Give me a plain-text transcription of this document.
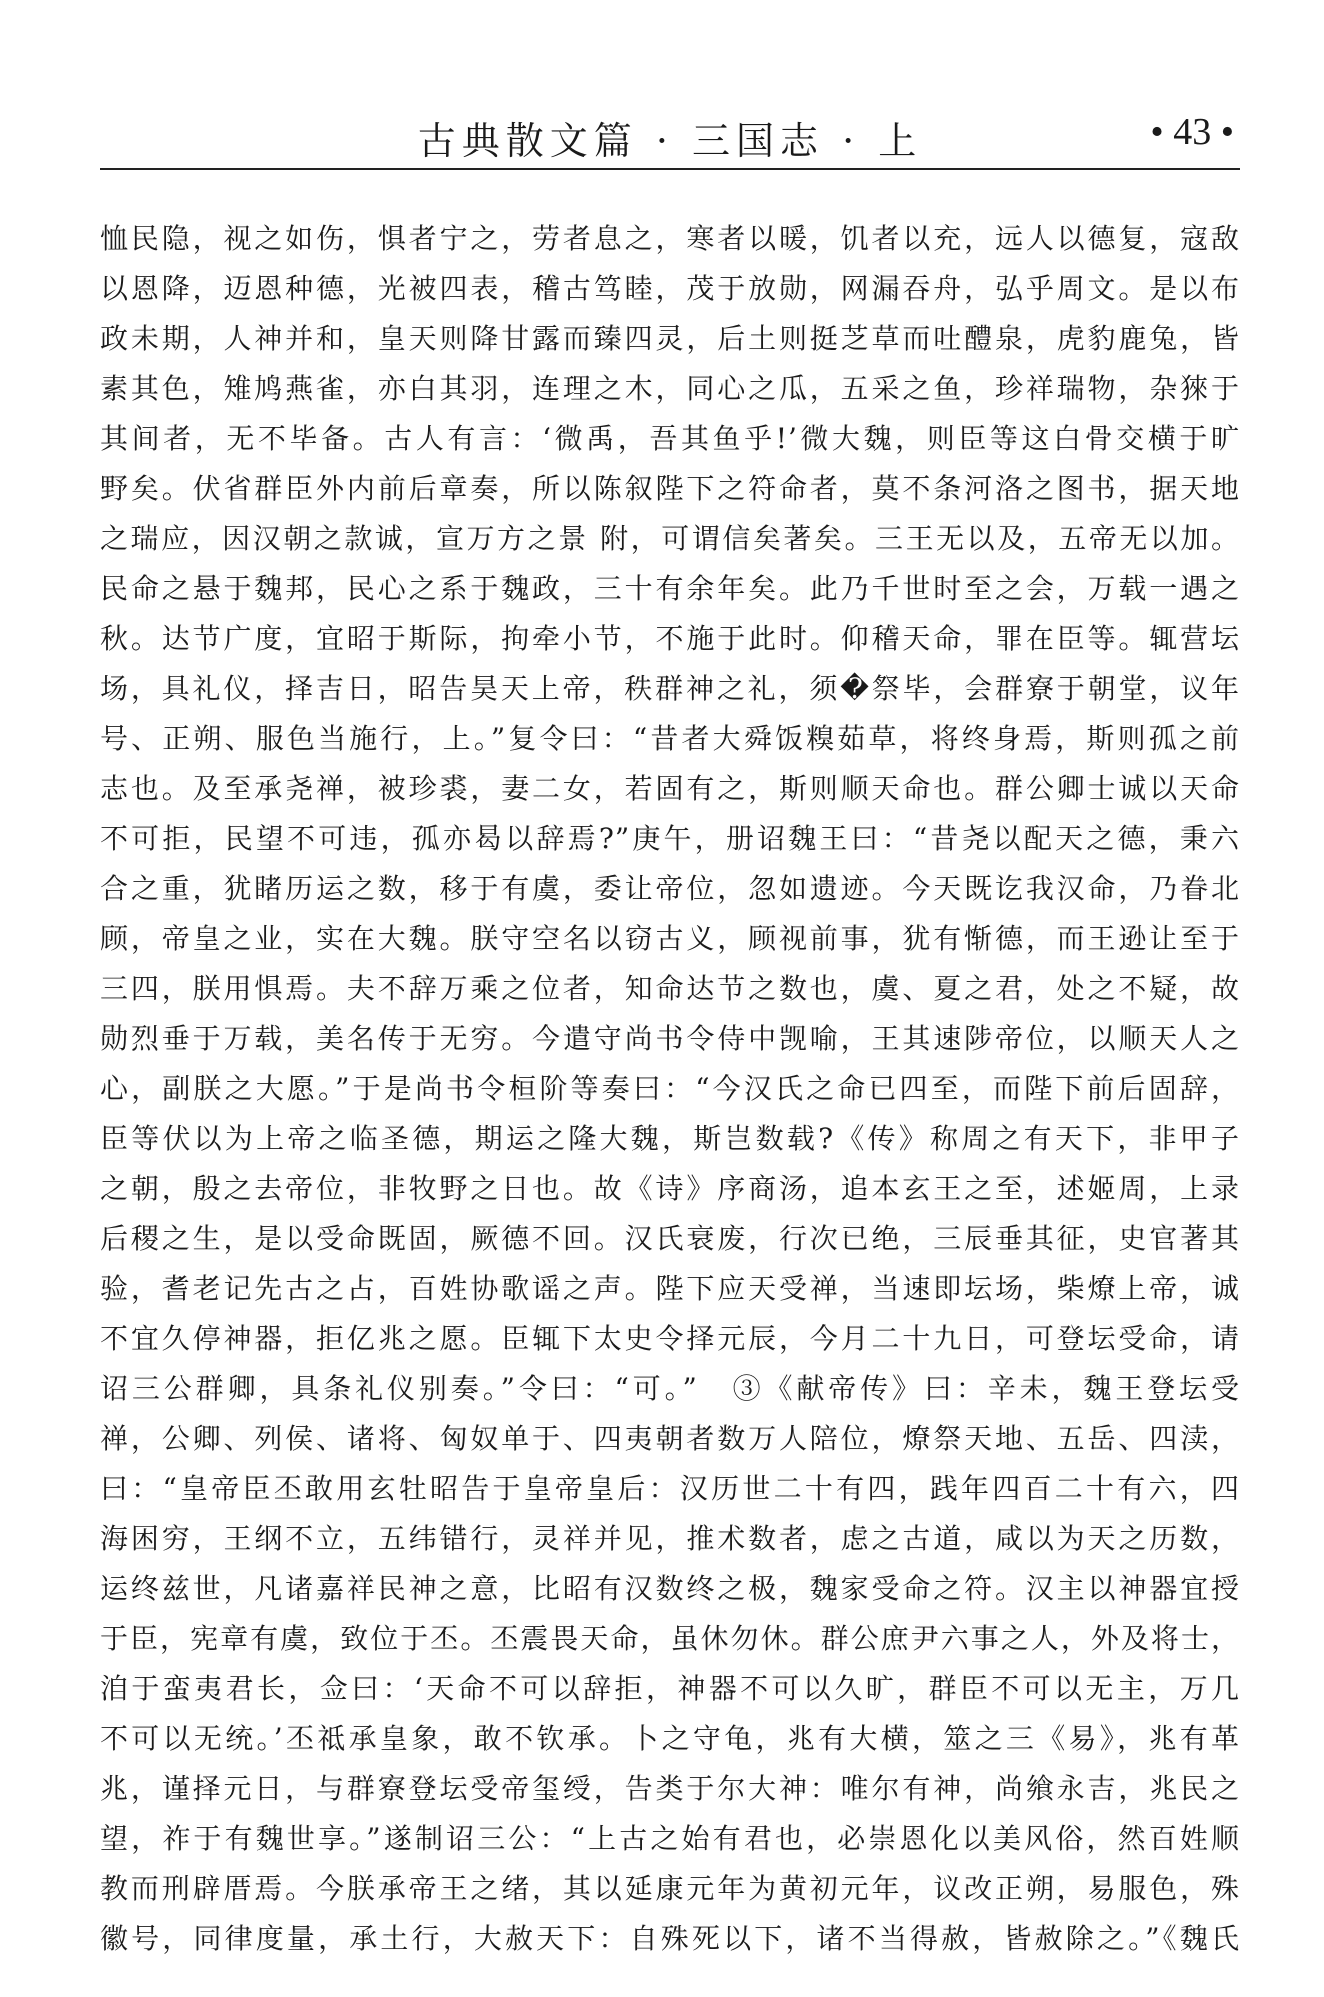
古典散文篇 · 三国志 · 上	• 43 •
恤民隐，视之如伤，惧者宁之，劳者息之，寒者以暖，饥者以充，远人以德复，寇敌
以恩降，迈恩种德，光被四表，稽古笃睦，茂于放勋，网漏吞舟，弘乎周文。是以布
政未期，人神并和，皇天则降甘露而臻四灵，后土则挺芝草而吐醴泉，虎豹鹿兔，皆
素其色，雉鸠燕雀，亦白其羽，连理之木，同心之瓜，五采之鱼，珍祥瑞物，杂猍于
其间者，无不毕备。古人有言：‘微禹，吾其鱼乎!’微大魏，则臣等这白骨交横于旷
野矣。伏省群臣外内前后章奏，所以陈叙陛下之符命者，莫不条河洛之图书，据天地
之瑞应，因汉朝之款诚，宣万方之景 附，可谓信矣著矣。三王无以及，五帝无以加。
民命之悬于魏邦，民心之系于魏政，三十有余年矣。此乃千世时至之会，万载一遇之
秋。达节广度，宜昭于斯际，拘牵小节，不施于此时。仰稽天命，罪在臣等。辄营坛
场，具礼仪，择吉日，昭告昊天上帝，秩群神之礼，须�祭毕，会群寮于朝堂，议年
号、正朔、服色当施行，上。”复令曰：“昔者大舜饭糗茹草，将终身焉，斯则孤之前
志也。及至承尧禅，被珍裘，妻二女，若固有之，斯则顺天命也。群公卿士诚以天命
不可拒，民望不可违，孤亦曷以辞焉?”庚午，册诏魏王曰：“昔尧以配天之德，秉六
合之重，犹睹历运之数，移于有虞，委让帝位，忽如遗迹。今天既讫我汉命，乃眷北
顾，帝皇之业，实在大魏。朕守空名以窃古义，顾视前事，犹有惭德，而王逊让至于
三四，朕用惧焉。夫不辞万乘之位者，知命达节之数也，虞、夏之君，处之不疑，故
勋烈垂于万载，美名传于无穷。今遣守尚书令侍中觊喻，王其速陟帝位，以顺天人之
心，副朕之大愿。”于是尚书令桓阶等奏曰：“今汉氏之命已四至，而陛下前后固辞，
臣等伏以为上帝之临圣德，期运之隆大魏，斯岂数载?《传》称周之有天下，非甲子
之朝，殷之去帝位，非牧野之日也。故《诗》序商汤，追本玄王之至，述姬周，上录
后稷之生，是以受命既固，厥德不回。汉氏衰废，行次已绝，三辰垂其征，史官著其
验，耆老记先古之占，百姓协歌谣之声。陛下应天受禅，当速即坛场，柴燎上帝，诚
不宜久停神器，拒亿兆之愿。臣辄下太史令择元辰，今月二十九日，可登坛受命，请
诏三公群卿，具条礼仪别奏。”令曰：“可。”　③《献帝传》曰：辛未，魏王登坛受
禅，公卿、列侯、诸将、匈奴单于、四夷朝者数万人陪位，燎祭天地、五岳、四渎，
曰：“皇帝臣丕敢用玄牡昭告于皇帝皇后：汉历世二十有四，践年四百二十有六，四
海困穷，王纲不立，五纬错行，灵祥并见，推术数者，虑之古道，咸以为天之历数，
运终兹世，凡诸嘉祥民神之意，比昭有汉数终之极，魏家受命之符。汉主以神器宜授
于臣，宪章有虞，致位于丕。丕震畏天命，虽休勿休。群公庶尹六事之人，外及将士，
洎于蛮夷君长，佥曰：‘天命不可以辞拒，神器不可以久旷，群臣不可以无主，万几
不可以无统。’丕祗承皇象，敢不钦承。卜之守龟，兆有大横，筮之三《易》，兆有革
兆，谨择元日，与群寮登坛受帝玺绶，告类于尔大神：唯尔有神，尚飨永吉，兆民之
望，祚于有魏世享。”遂制诏三公：“上古之始有君也，必崇恩化以美风俗，然百姓顺
教而刑辟厝焉。今朕承帝王之绪，其以延康元年为黄初元年，议改正朔，易服色，殊
徽号，同律度量，承土行，大赦天下：自殊死以下，诸不当得赦，皆赦除之。”《魏氏
